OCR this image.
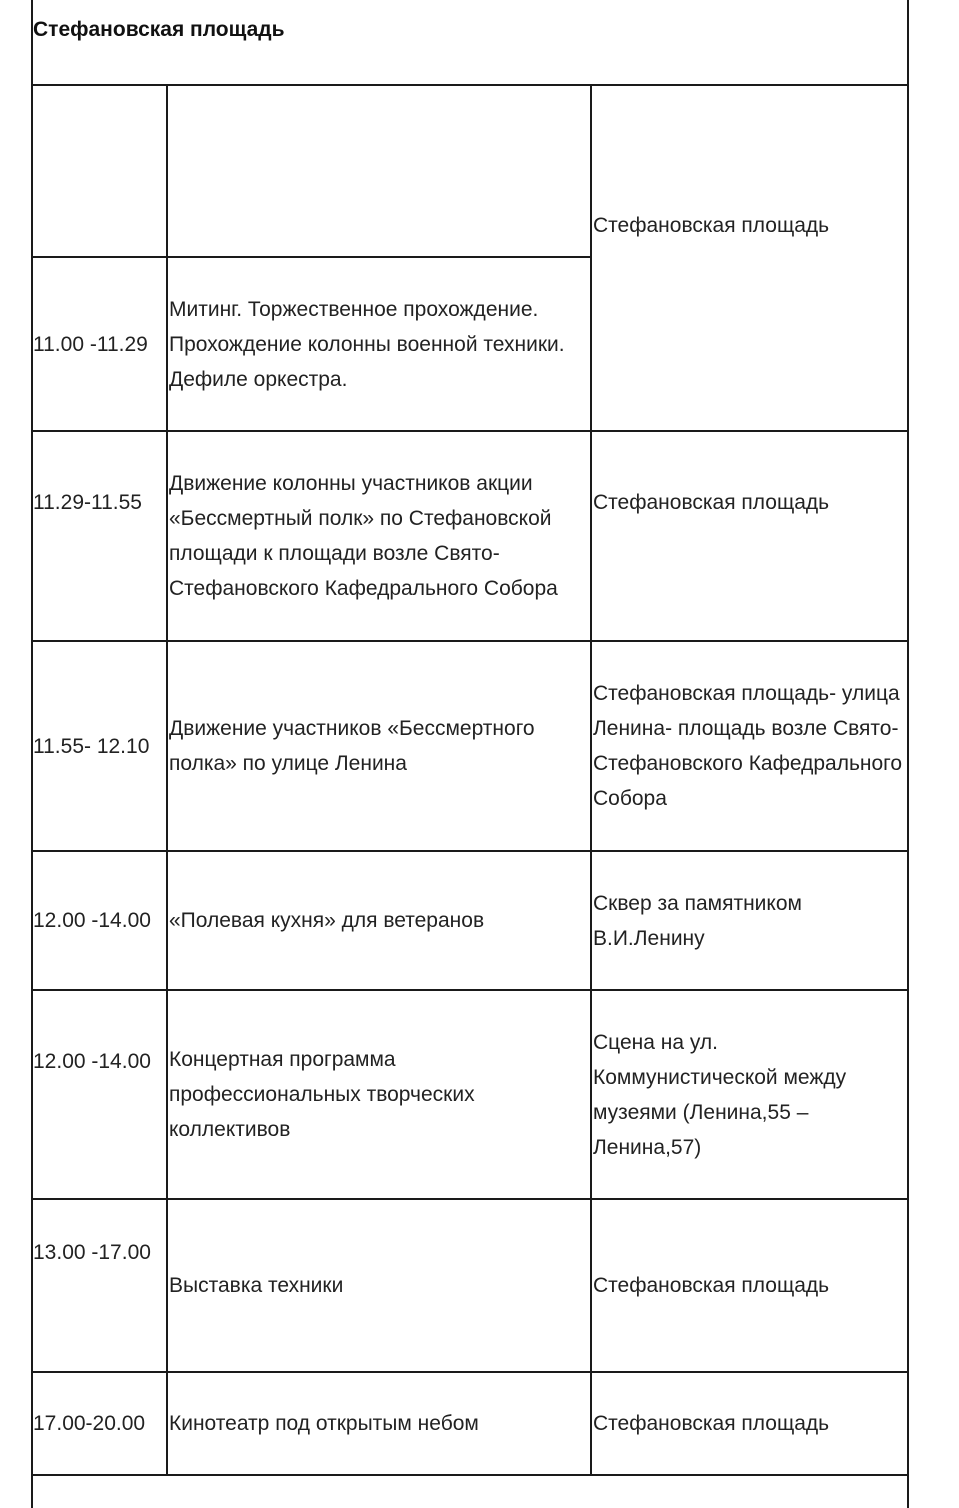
Стефановская площадь
Стефановская площадь
11.00 -11.29
Митинг. Торжественное прохождение. Прохождение колонны военной техники. Дефиле оркестра.
11.29-11.55
Движение колонны участников акции «Бессмертный полк» по Стефановской площади к площади возле Свято-Стефановского Кафедрального Собора
Стефановская площадь
11.55- 12.10
Движение участников «Бессмертного полка» по улице Ленина
Стефановская площадь- улица Ленина- площадь возле Свято-Стефановского Кафедрального Собора
12.00 -14.00 «Полевая кухня» для ветеранов
Сквер за памятником В.И.Ленину
12.00 -14.00 Концертная программа профессиональных творческих коллективов
Сцена на ул. Коммунистической между музеями (Ленина,55 –Ленина,57)
13.00 -17.00
Выставка техники	Стефановская площадь
17.00-20.00 Кинотеатр под открытым небом	Стефановская площадь
